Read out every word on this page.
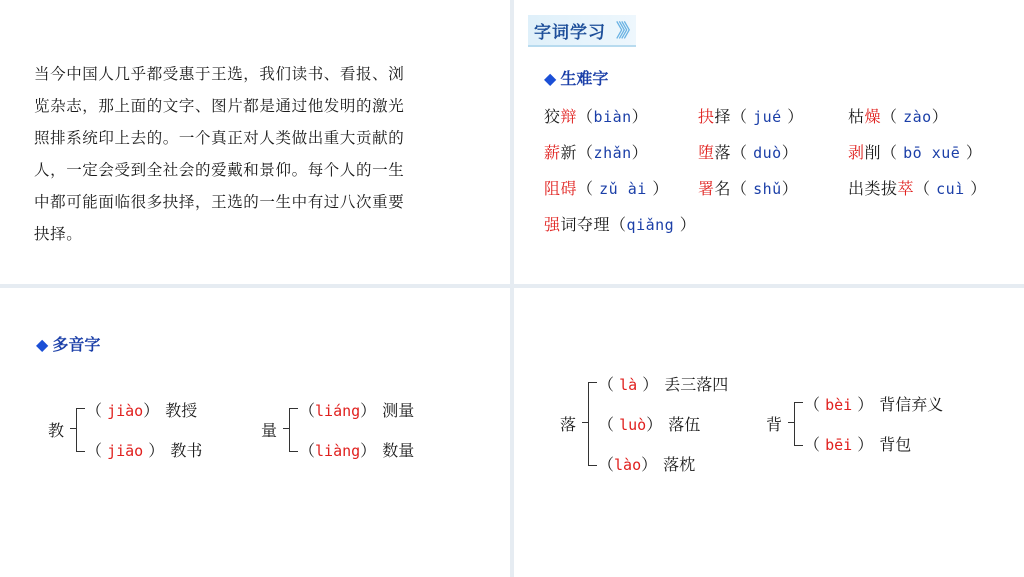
当今中国人几乎都受惠于王选，我们读书、看报、浏
览杂志，那上面的文字、图片都是通过他发明的激光
照排系统印上去的。一个真正对人类做出重大贡献的
人，一定会受到全社会的爱戴和景仰。每个人的一生
中都可能面临很多抉择，王选的一生中有过八次重要
抉择。

字词学习 》》
◆ 生难字
狡辩（biàn）	抉择（ jué ）	枯燥（ zào）
薪新（zhǎn）	堕落（ duò）	剥削（ bō xuē ）
阻碍（ zǔ ài ） 署名（ shǔ）	出类拔萃（ cuì ）
强词夺理（qiǎng ）
◆ 多音字
教
（ jiào） 教授
（ jiāo ） 教书
量
（liáng） 测量
（liàng） 数量
落
（ là ） 丢三落四
（ luò） 落伍
（lào） 落枕
背
（ bèi ） 背信弃义
（ bēi ） 背包
